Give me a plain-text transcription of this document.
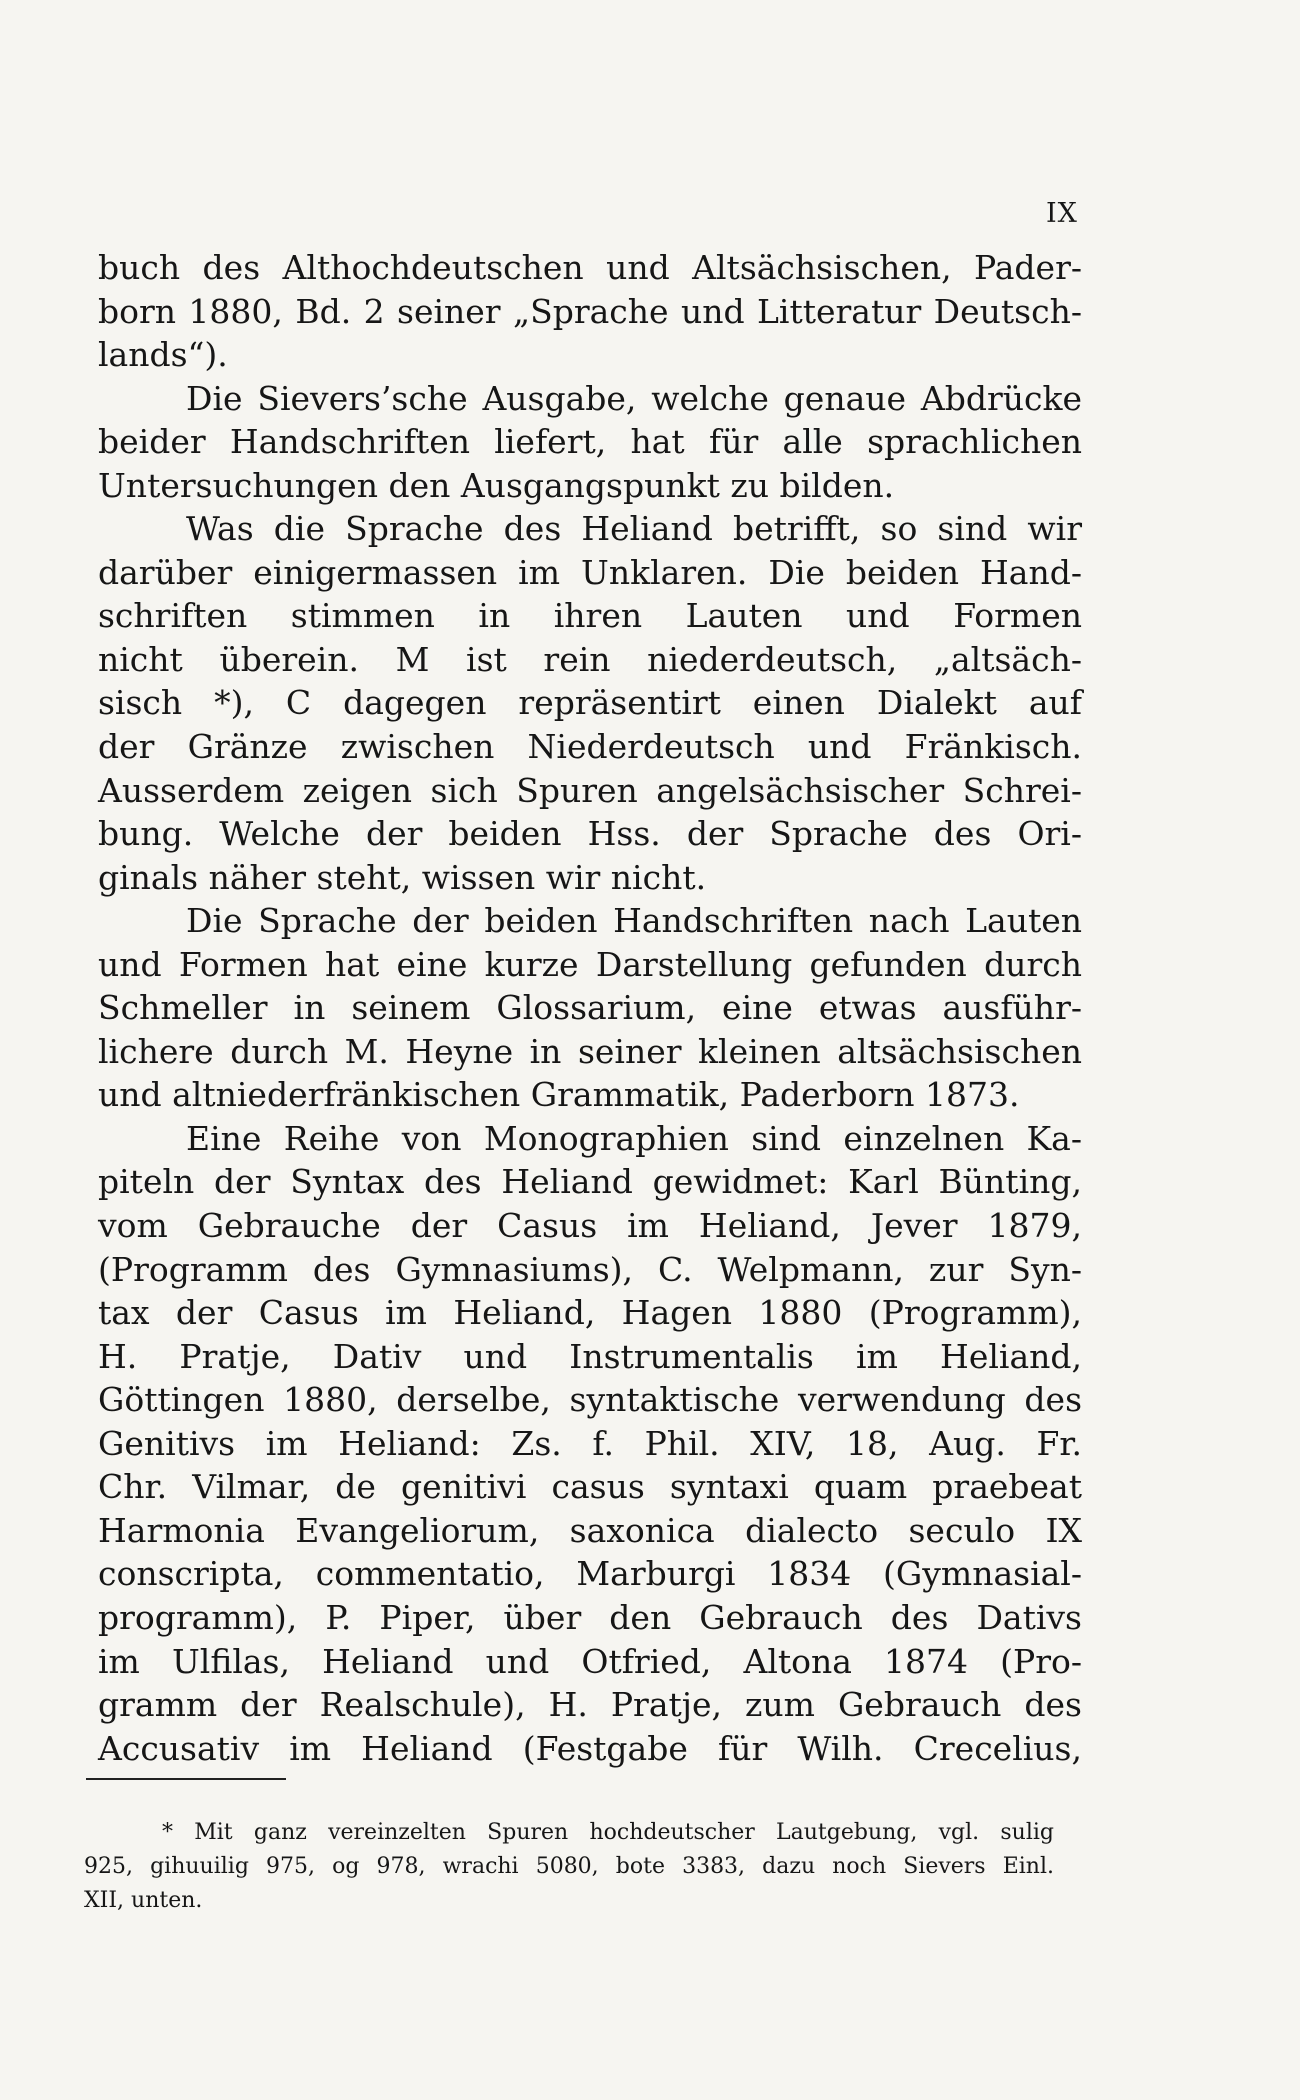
IX
buch des Althochdeutschen und Altsächsischen, Pader-
born 1880, Bd. 2 seiner „Sprache und Litteratur Deutsch-
lands“).
Die Sievers’sche Ausgabe, welche genaue Abdrücke
beider Handschriften liefert, hat für alle sprachlichen
Untersuchungen den Ausgangspunkt zu bilden.
Was die Sprache des Heliand betrifft, so sind wir
darüber einigermassen im Unklaren. Die beiden Hand-
schriften stimmen in ihren Lauten und Formen
nicht überein. M ist rein niederdeutsch, „altsäch-
sisch *), C dagegen repräsentirt einen Dialekt auf
der Gränze zwischen Niederdeutsch und Fränkisch.
Ausserdem zeigen sich Spuren angelsächsischer Schrei-
bung. Welche der beiden Hss. der Sprache des Ori-
ginals näher steht, wissen wir nicht.
Die Sprache der beiden Handschriften nach Lauten
und Formen hat eine kurze Darstellung gefunden durch
Schmeller in seinem Glossarium, eine etwas ausführ-
lichere durch M. Heyne in seiner kleinen altsächsischen
und altniederfränkischen Grammatik, Paderborn 1873.
Eine Reihe von Monographien sind einzelnen Ka-
piteln der Syntax des Heliand gewidmet: Karl Bünting,
vom Gebrauche der Casus im Heliand, Jever 1879,
(Programm des Gymnasiums), C. Welpmann, zur Syn-
tax der Casus im Heliand, Hagen 1880 (Programm),
H. Pratje, Dativ und Instrumentalis im Heliand,
Göttingen 1880, derselbe, syntaktische verwendung des
Genitivs im Heliand: Zs. f. Phil. XIV, 18, Aug. Fr.
Chr. Vilmar, de genitivi casus syntaxi quam praebeat
Harmonia Evangeliorum, saxonica dialecto seculo IX
conscripta, commentatio, Marburgi 1834 (Gymnasial-
programm), P. Piper, über den Gebrauch des Dativs
im Ulfilas, Heliand und Otfried, Altona 1874 (Pro-
gramm der Realschule), H. Pratje, zum Gebrauch des
Accusativ im Heliand (Festgabe für Wilh. Crecelius,
* Mit ganz vereinzelten Spuren hochdeutscher Lautgebung, vgl. sulig
925, gihuuilig 975, og 978, wrachi 5080, bote 3383, dazu noch Sievers Einl.
XII, unten.
